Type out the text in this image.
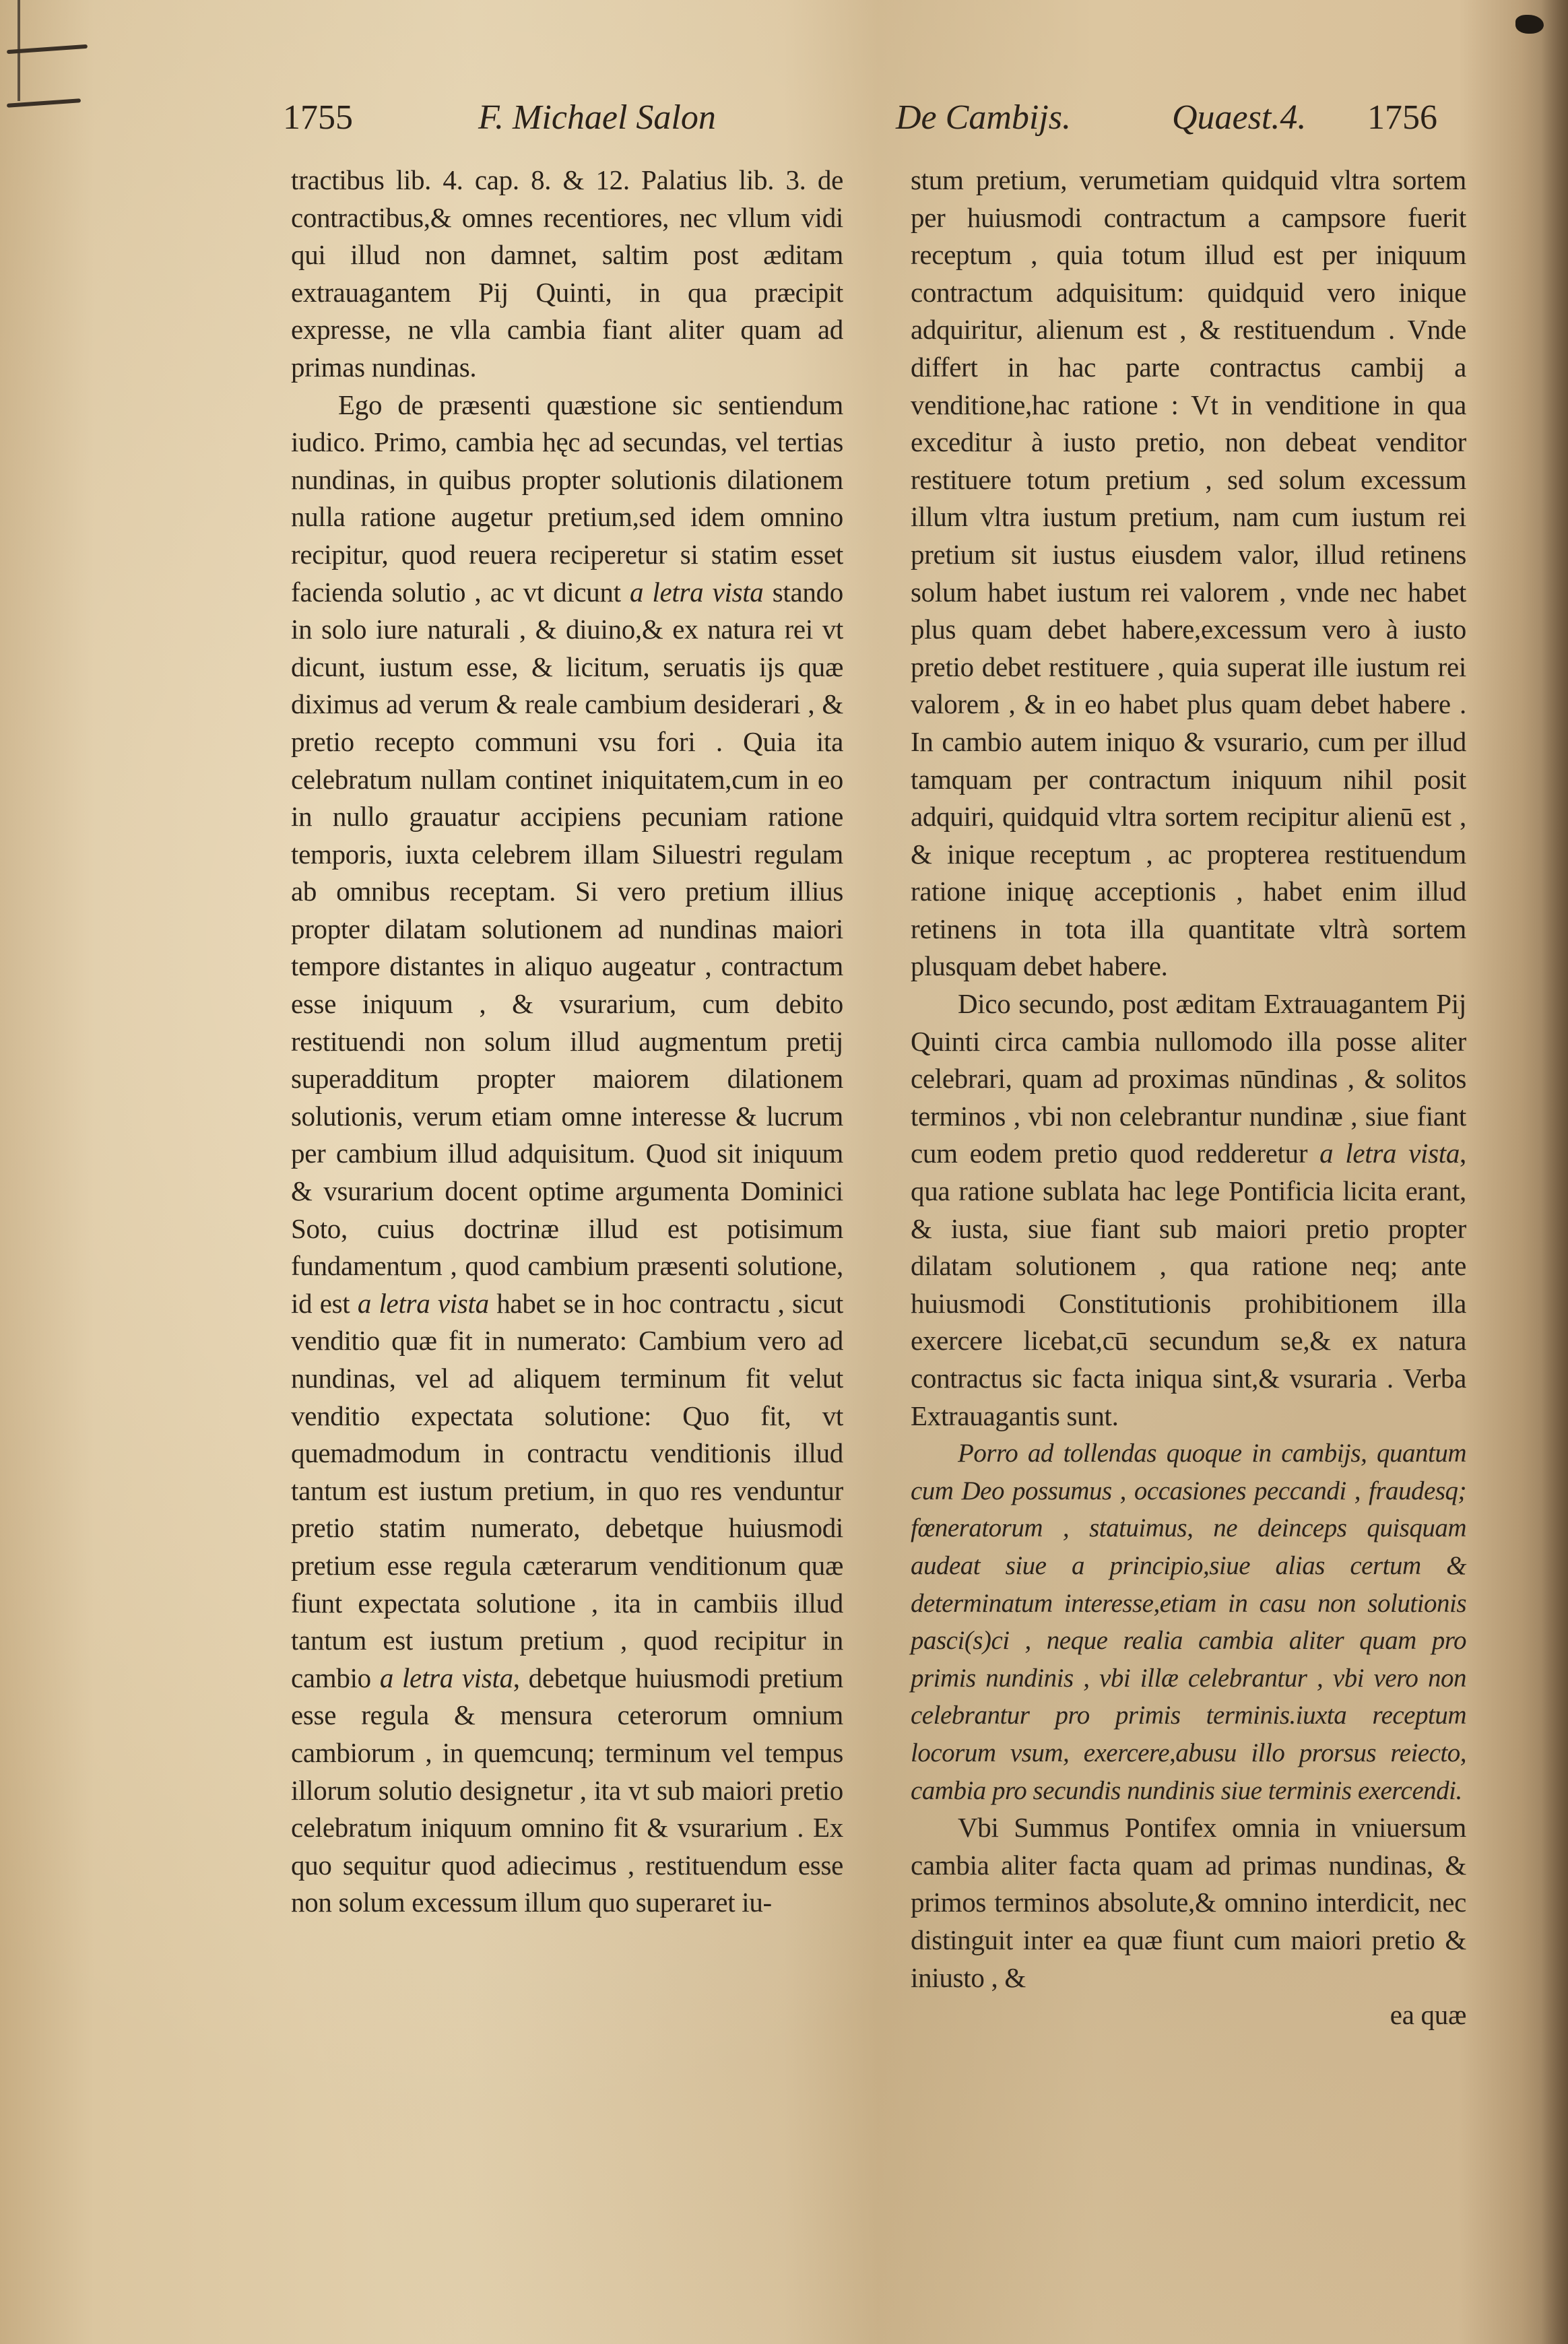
1755	F. Michael Salon	De Cambijs.	Quaest.4. 1756

tractibus lib. 4. cap. 8. & 12. Palatius lib. 3. de contractibus,& omnes recentiores, nec vllum vidi qui illud non damnet, saltim post æditam extrauagantem Pij Quinti, in qua præcipit expresse, ne vlla cambia fiant aliter quam ad primas nundinas.

Ego de præsenti quæstione sic sentiendum iudico. Primo, cambia hęc ad secundas, vel tertias nundinas, in quibus propter solutionis dilationem nulla ratione augetur pretium,sed idem omnino recipitur, quod reuera reciperetur si statim esset facienda solutio , ac vt dicunt a letra vista stando in solo iure naturali , & diuino,& ex natura rei vt dicunt, iustum esse, & licitum, seruatis ijs quæ diximus ad verum & reale cambium desiderari , & pretio recepto communi vsu fori . Quia ita celebratum nullam continet iniquitatem,cum in eo in nullo grauatur accipiens pecuniam ratione temporis, iuxta celebrem illam Siluestri regulam ab omnibus receptam. Si vero pretium illius propter dilatam solutionem ad nundinas maiori tempore distantes in aliquo augeatur , contractum esse iniquum , & vsurarium, cum debito restituendi non solum illud augmentum pretij superadditum propter maiorem dilationem solutionis, verum etiam omne interesse & lucrum per cambium illud adquisitum. Quod sit iniquum & vsurarium docent optime argumenta Dominici Soto, cuius doctrinæ illud est potisimum fundamentum , quod cambium præsenti solutione, id est a letra vista habet se in hoc contractu , sicut venditio quæ fit in numerato: Cambium vero ad nundinas, vel ad aliquem terminum fit velut venditio expectata solutione: Quo fit, vt quemadmodum in contractu venditionis illud tantum est iustum pretium, in quo res venduntur pretio statim numerato, debetque huiusmodi pretium esse regula cæterarum venditionum quæ fiunt expectata solutione , ita in cambiis illud tantum est iustum pretium , quod recipitur in cambio a letra vista, debetque huiusmodi pretium esse regula & mensura ceterorum omnium cambiorum , in quemcunq; terminum vel tempus illorum solutio designetur , ita vt sub maiori pretio celebratum iniquum omnino fit & vsurarium . Ex quo sequitur quod adiecimus , restituendum esse non solum excessum illum quo superaret iu-

stum pretium, verumetiam quidquid vltra sortem per huiusmodi contractum a campsore fuerit receptum , quia totum illud est per iniquum contractum adquisitum: quidquid vero inique adquiritur, alienum est , & restituendum . Vnde differt in hac parte contractus cambij a venditione,hac ratione : Vt in venditione in qua exceditur à iusto pretio, non debeat venditor restituere totum pretium , sed solum excessum illum vltra iustum pretium, nam cum iustum rei pretium sit iustus eiusdem valor, illud retinens solum habet iustum rei valorem , vnde nec habet plus quam debet habere,excessum vero à iusto pretio debet restituere , quia superat ille iustum rei valorem , & in eo habet plus quam debet habere . In cambio autem iniquo & vsurario, cum per illud tamquam per contractum iniquum nihil posit adquiri, quidquid vltra sortem recipitur alienū est , & inique receptum , ac propterea restituendum ratione iniquę acceptionis , habet enim illud retinens in tota illa quantitate vltrà sortem plusquam debet habere.

Dico secundo, post æditam Extrauagantem Pij Quinti circa cambia nullomodo illa posse aliter celebrari, quam ad proximas nūndinas , & solitos terminos , vbi non celebrantur nundinæ , siue fiant cum eodem pretio quod redderetur a letra vista, qua ratione sublata hac lege Pontificia licita erant, & iusta, siue fiant sub maiori pretio propter dilatam solutionem , qua ratione neq; ante huiusmodi Constitutionis prohibitionem illa exercere licebat,cū secundum se,& ex natura contractus sic facta iniqua sint,& vsuraria . Verba Extrauagantis sunt.

Porro ad tollendas quoque in cambijs, quantum cum Deo possumus , occasiones peccandi , fraudesq; fœneratorum , statuimus, ne deinceps quisquam audeat siue a principio,siue alias certum & determinatum interesse,etiam in casu non solutionis pasci(s)ci , neque realia cambia aliter quam pro primis nundinis , vbi illæ celebrantur , vbi vero non celebrantur pro primis terminis.iuxta receptum locorum vsum, exercere,abusu illo prorsus reiecto, cambia pro secundis nundinis siue terminis exercendi.

Vbi Summus Pontifex omnia in vniuersum cambia aliter facta quam ad primas nundinas, & primos terminos absolute,& omnino interdicit, nec distinguit inter ea quæ fiunt cum maiori pretio & iniusto , &

ea quæ
